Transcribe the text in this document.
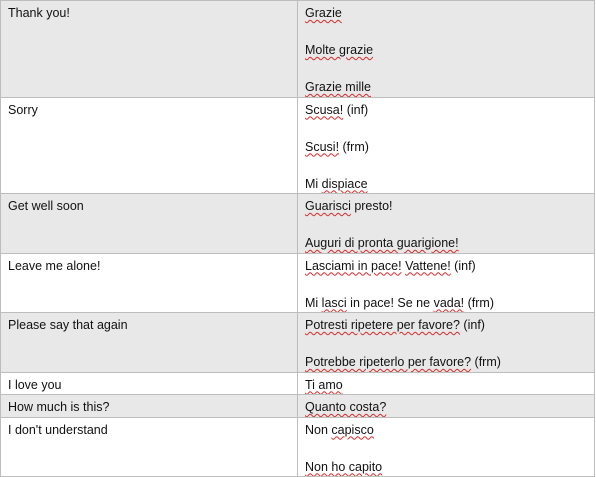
Thank you!	Grazie
Molte grazie
Grazie mille

Sorry	Scusa! (inf)
Scusi! (frm)
Mi dispiace

Get well soon	Guarisci presto!
Auguri di pronta guarigione!

Leave me alone!	Lasciami in pace! Vattene! (inf)
Mi lasci in pace! Se ne vada! (frm)

Please say that again	Potresti ripetere per favore? (inf)
Potrebbe ripeterlo per favore? (frm)

I love you	Ti amo

How much is this?	Quanto costa?

I don't understand	Non capisco
Non ho capito
